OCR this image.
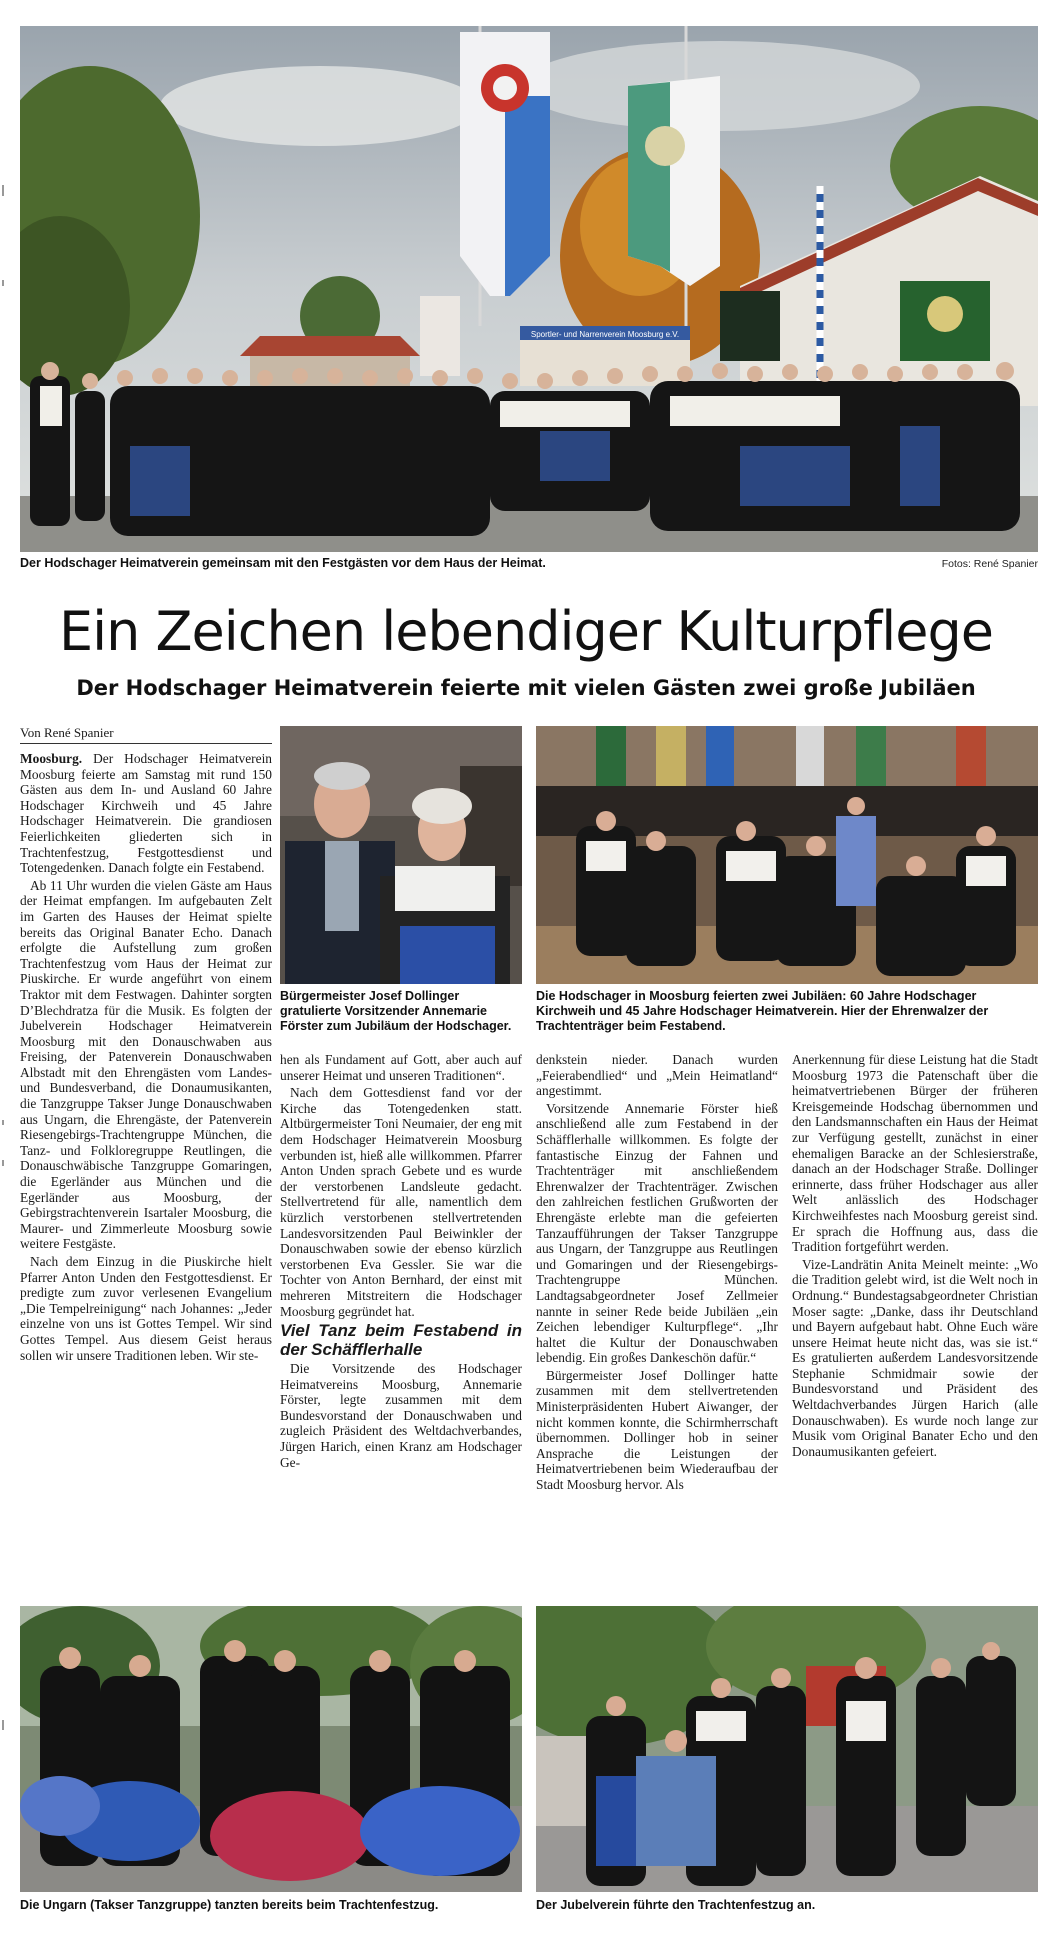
Sportler- und Narrenverein Moosburg e.V.
Der Hodschager Heimatverein gemeinsam mit den Festgästen vor dem Haus der Heimat.	Fotos: René Spanier
Ein Zeichen lebendiger Kulturpflege
Der Hodschager Heimatverein feierte mit vielen Gästen zwei große Jubiläen
Von René Spanier
Bürgermeister Josef Dollinger gratulierte Vorsitzender Annemarie Förster zum Jubiläum der Hodschager.
Die Hodschager in Moosburg feierten zwei Jubiläen: 60 Jahre Hodschager Kirchweih und 45 Jahre Hodschager Heimatverein. Hier der Ehrenwalzer der Trachtenträger beim Festabend.

Moosburg. Der Hodschager Heimatverein Moosburg feierte am Samstag mit rund 150 Gästen aus dem In- und Ausland 60 Jahre Hodschager Kirchweih und 45 Jahre Hodschager Heimatverein. Die grandiosen Feierlichkeiten gliederten sich in Trachtenfestzug, Festgottesdienst und Totengedenken. Danach folgte ein Festabend.

Ab 11 Uhr wurden die vielen Gäste am Haus der Heimat empfangen. Im aufgebauten Zelt im Garten des Hauses der Heimat spielte bereits das Original Banater Echo. Danach erfolgte die Aufstellung zum großen Trachtenfestzug vom Haus der Heimat zur Piuskirche. Er wurde angeführt von einem Traktor mit dem Festwagen. Dahinter sorgten D’Blechdratza für die Musik. Es folgten der Jubelverein Hodschager Heimatverein Moosburg mit den Donauschwaben aus Freising, der Patenverein Donauschwaben Albstadt mit den Ehrengästen vom Landes- und Bundesverband, die Donaumusikanten, die Tanzgruppe Takser Junge Donauschwaben aus Ungarn, die Ehrengäste, der Patenverein Riesengebirgs-Trachtengruppe München, die Tanz- und Folkloregruppe Reutlingen, die Donauschwäbische Tanzgruppe Gomaringen, die Egerländer aus München und die Egerländer aus Moosburg, der Gebirgstrachtenverein Isartaler Moosburg, die Maurer- und Zimmerleute Moosburg sowie weitere Festgäste.

Nach dem Einzug in die Piuskirche hielt Pfarrer Anton Unden den Festgottesdienst. Er predigte zum zuvor verlesenen Evangelium „Die Tempelreinigung“ nach Johannes: „Jeder einzelne von uns ist Gottes Tempel. Wir sind Gottes Tempel. Aus diesem Geist heraus sollen wir unsere Traditionen leben. Wir ste-

hen als Fundament auf Gott, aber auch auf unserer Heimat und unseren Traditionen“.

Nach dem Gottesdienst fand vor der Kirche das Totengedenken statt. Altbürgermeister Toni Neumaier, der eng mit dem Hodschager Heimatverein Moosburg verbunden ist, hieß alle willkommen. Pfarrer Anton Unden sprach Gebete und es wurde der verstorbenen Landsleute gedacht. Stellvertretend für alle, namentlich dem kürzlich verstorbenen stellvertretenden Landesvorsitzenden Paul Beiwinkler der Donauschwaben sowie der ebenso kürzlich verstorbenen Eva Gessler. Sie war die Tochter von Anton Bernhard, der einst mit mehreren Mitstreitern die Hodschager Moosburg gegründet hat.

Viel Tanz beim Festabend in der Schäfflerhalle

Die Vorsitzende des Hodschager Heimatvereins Moosburg, Annemarie Förster, legte zusammen mit dem Bundesvorstand der Donauschwaben und zugleich Präsident des Weltdachverbandes, Jürgen Harich, einen Kranz am Hodschager Ge-

denkstein nieder. Danach wurden „Feierabendlied“ und „Mein Heimatland“ angestimmt.

Vorsitzende Annemarie Förster hieß anschließend alle zum Festabend in der Schäfflerhalle willkommen. Es folgte der fantastische Einzug der Fahnen und Trachtenträger mit anschließendem Ehrenwalzer der Trachtenträger. Zwischen den zahlreichen festlichen Grußworten der Ehrengäste erlebte man die gefeierten Tanzaufführungen der Takser Tanzgruppe aus Ungarn, der Tanzgruppe aus Reutlingen und Gomaringen und der Riesengebirgs-Trachtengruppe München. Landtagsabgeordneter Josef Zellmeier nannte in seiner Rede beide Jubiläen „ein Zeichen lebendiger Kulturpflege“. „Ihr haltet die Kultur der Donauschwaben lebendig. Ein großes Dankeschön dafür.“

Bürgermeister Josef Dollinger hatte zusammen mit dem stellvertretenden Ministerpräsidenten Hubert Aiwanger, der nicht kommen konnte, die Schirmherrschaft übernommen. Dollinger hob in seiner Ansprache die Leistungen der Heimatvertriebenen beim Wiederaufbau der Stadt Moosburg hervor. Als

Anerkennung für diese Leistung hat die Stadt Moosburg 1973 die Patenschaft über die heimatvertriebenen Bürger der früheren Kreisgemeinde Hodschag übernommen und den Landsmannschaften ein Haus der Heimat zur Verfügung gestellt, zunächst in einer ehemaligen Baracke an der Schlesierstraße, danach an der Hodschager Straße. Dollinger erinnerte, dass früher Hodschager aus aller Welt anlässlich des Hodschager Kirchweihfestes nach Moosburg gereist sind. Er sprach die Hoffnung aus, dass die Tradition fortgeführt werden.

Vize-Landrätin Anita Meinelt meinte: „Wo die Tradition gelebt wird, ist die Welt noch in Ordnung.“ Bundestagsabgeordneter Christian Moser sagte: „Danke, dass ihr Deutschland und Bayern aufgebaut habt. Ohne Euch wäre unsere Heimat heute nicht das, was sie ist.“ Es gratulierten außerdem Landesvorsitzende Stephanie Schmidmair sowie der Bundesvorstand und Präsident des Weltdachverbandes Jürgen Harich (alle Donauschwaben). Es wurde noch lange zur Musik vom Original Banater Echo und den Donaumusikanten gefeiert.

Die Ungarn (Takser Tanzgruppe) tanzten bereits beim Trachtenfestzug.	Der Jubelverein führte den Trachtenfestzug an.
